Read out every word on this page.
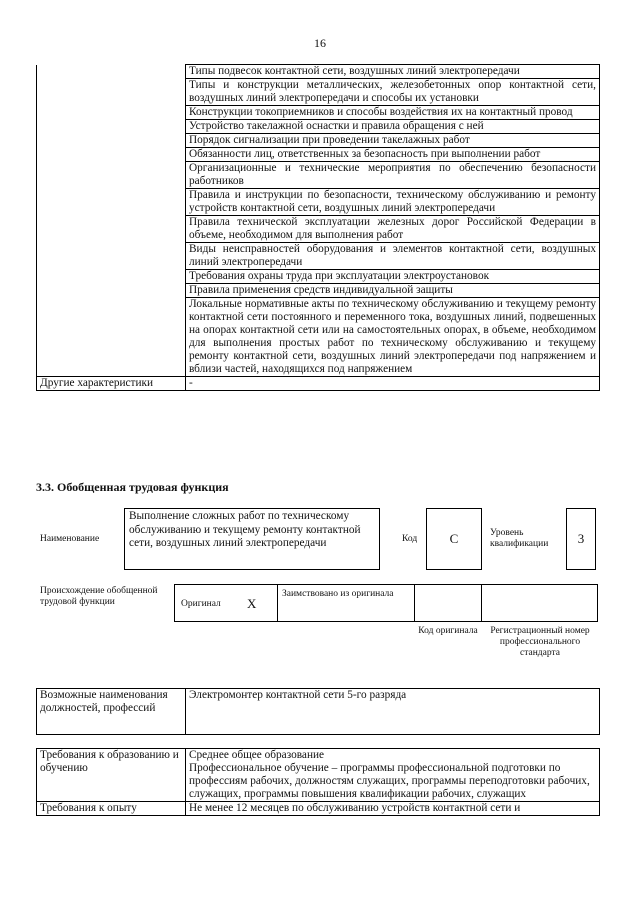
16
	Типы подвесок контактной сети, воздушных линий электропередачи
	Типы и конструкции металлических, железобетонных опор контактной сети, воздушных линий электропередачи и способы их установки
	Конструкции токоприемников и способы воздействия их на контактный провод
	Устройство такелажной оснастки и правила обращения с ней
	Порядок сигнализации при проведении такелажных работ
	Обязанности лиц, ответственных за безопасность при выполнении работ
	Организационные и технические мероприятия по обеспечению безопасности работников
	Правила и инструкции по безопасности, техническому обслуживанию и ремонту устройств контактной сети, воздушных линий электропередачи
	Правила технической эксплуатации железных дорог Российской Федерации в объеме, необходимом для выполнения работ
	Виды неисправностей оборудования и элементов контактной сети, воздушных линий электропередачи
	Требования охраны труда при эксплуатации электроустановок
	Правила применения средств индивидуальной защиты
	Локальные нормативные акты по техническому обслуживанию и текущему ремонту контактной сети постоянного и переменного тока, воздушных линий, подвешенных на опорах контактной сети или на самостоятельных опорах, в объеме, необходимом для выполнения простых работ по техническому обслуживанию и текущему ремонту контактной сети, воздушных линий электропередачи под напряжением и вблизи частей, находящихся под напряжением
Другие характеристики	-
3.3. Обобщенная трудовая функция
Наименование
Выполнение сложных работ по техническому обслуживанию и текущему ремонту контактной сети, воздушных линий электропередачи	Код C	Уровень квалификации	3
Происхождение обобщенной трудовой функции	Оригинал X
Заимствовано из оригинала
Код оригинала	Регистрационный номер профессионального стандарта
Возможные наименования должностей, профессий	Электромонтер контактной сети 5-го разряда
Требования к образованию и обучению	Среднее общее образование
Профессиональное обучение – программы профессиональной подготовки по профессиям рабочих, должностям служащих, программы переподготовки рабочих, служащих, программы повышения квалификации рабочих, служащих

Требования к опыту	Не менее 12 месяцев по обслуживанию устройств контактной сети и
